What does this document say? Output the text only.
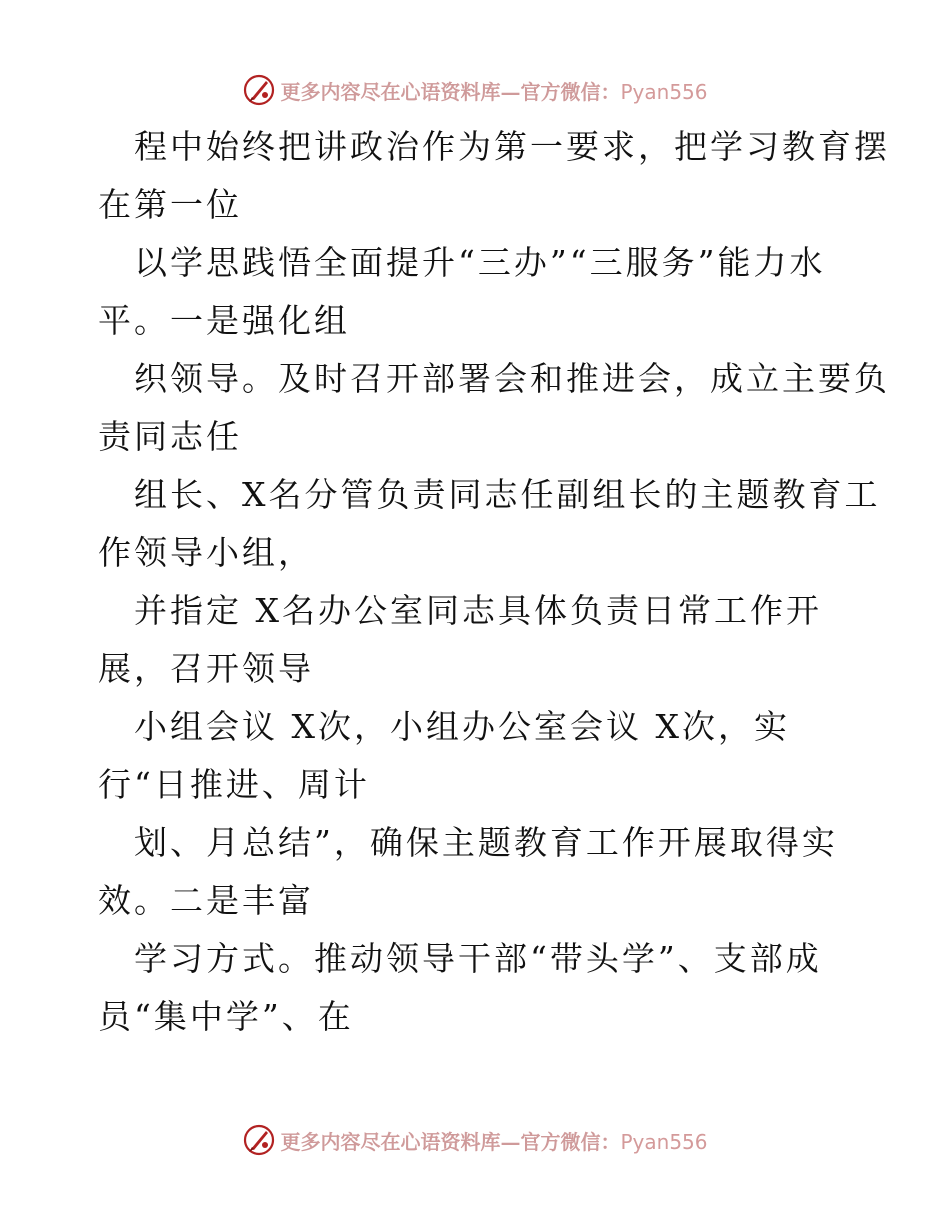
更多内容尽在心语资料库—官方微信：Pyan556
程中始终把讲政治作为第一要求，把学习教育摆
在第一位
以学思践悟全面提升“三办”“三服务”能力水
平。一是强化组
织领导。及时召开部署会和推进会，成立主要负
责同志任
组长、X名分管负责同志任副组长的主题教育工
作领导小组，
并指定 X名办公室同志具体负责日常工作开
展，召开领导
小组会议 X次，小组办公室会议 X次，实
行“日推进、周计
划、月总结”，确保主题教育工作开展取得实
效。二是丰富
学习方式。推动领导干部“带头学”、支部成
员“集中学”、在
更多内容尽在心语资料库—官方微信：Pyan556
